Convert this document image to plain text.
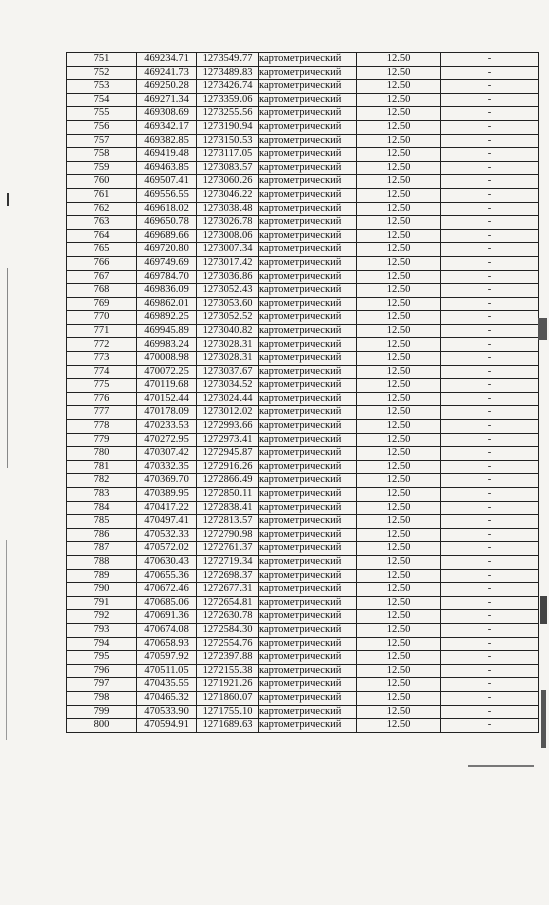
751	469234.71	1273549.77	картометрический	12.50	-
752	469241.73	1273489.83	картометрический	12.50	-
753	469250.28	1273426.74	картометрический	12.50	-
754	469271.34	1273359.06	картометрический	12.50	-
755	469308.69	1273255.56	картометрический	12.50	-
756	469342.17	1273190.94	картометрический	12.50	-
757	469382.85	1273150.53	картометрический	12.50	-
758	469419.48	1273117.05	картометрический	12.50	-
759	469463.85	1273083.57	картометрический	12.50	-
760	469507.41	1273060.26	картометрический	12.50	-
761	469556.55	1273046.22	картометрический	12.50	-
762	469618.02	1273038.48	картометрический	12.50	-
763	469650.78	1273026.78	картометрический	12.50	-
764	469689.66	1273008.06	картометрический	12.50	-
765	469720.80	1273007.34	картометрический	12.50	-
766	469749.69	1273017.42	картометрический	12.50	-
767	469784.70	1273036.86	картометрический	12.50	-
768	469836.09	1273052.43	картометрический	12.50	-
769	469862.01	1273053.60	картометрический	12.50	-
770	469892.25	1273052.52	картометрический	12.50	-
771	469945.89	1273040.82	картометрический	12.50	-
772	469983.24	1273028.31	картометрический	12.50	-
773	470008.98	1273028.31	картометрический	12.50	-
774	470072.25	1273037.67	картометрический	12.50	-
775	470119.68	1273034.52	картометрический	12.50	-
776	470152.44	1273024.44	картометрический	12.50	-
777	470178.09	1273012.02	картометрический	12.50	-
778	470233.53	1272993.66	картометрический	12.50	-
779	470272.95	1272973.41	картометрический	12.50	-
780	470307.42	1272945.87	картометрический	12.50	-
781	470332.35	1272916.26	картометрический	12.50	-
782	470369.70	1272866.49	картометрический	12.50	-
783	470389.95	1272850.11	картометрический	12.50	-
784	470417.22	1272838.41	картометрический	12.50	-
785	470497.41	1272813.57	картометрический	12.50	-
786	470532.33	1272790.98	картометрический	12.50	-
787	470572.02	1272761.37	картометрический	12.50	-
788	470630.43	1272719.34	картометрический	12.50	-
789	470655.36	1272698.37	картометрический	12.50	-
790	470672.46	1272677.31	картометрический	12.50	-
791	470685.06	1272654.81	картометрический	12.50	-
792	470691.36	1272630.78	картометрический	12.50	-
793	470674.08	1272584.30	картометрический	12.50	-
794	470658.93	1272554.76	картометрический	12.50	-
795	470597.92	1272397.88	картометрический	12.50	-
796	470511.05	1272155.38	картометрический	12.50	-
797	470435.55	1271921.26	картометрический	12.50	-
798	470465.32	1271860.07	картометрический	12.50	-
799	470533.90	1271755.10	картометрический	12.50	-
800	470594.91	1271689.63	картометрический	12.50	-
